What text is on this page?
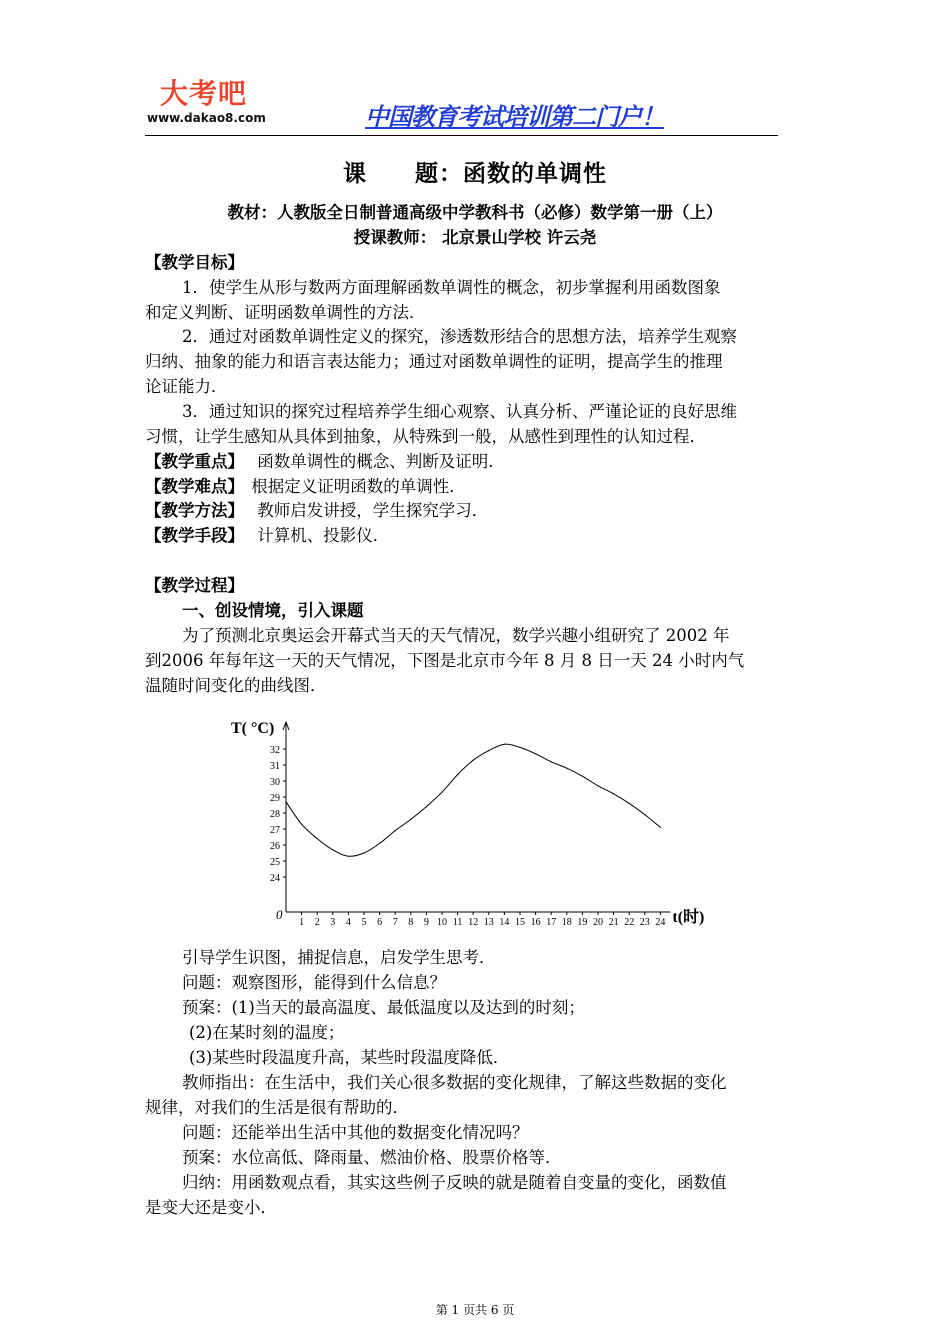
大考吧
www.dakao8.com	中国教育考试培训第二门户！
课　　题：函数的单调性
教材：人教版全日制普通高级中学教科书（必修）数学第一册（上）
授课教师： 北京景山学校 许云尧
【教学目标】
1．使学生从形与数两方面理解函数单调性的概念，初步掌握利用函数图象
和定义判断、证明函数单调性的方法．
2．通过对函数单调性定义的探究，渗透数形结合的思想方法，培养学生观察
归纳、抽象的能力和语言表达能力；通过对函数单调性的证明，提高学生的推理
论证能力．
3．通过知识的探究过程培养学生细心观察、认真分析、严谨论证的良好思维
习惯，让学生感知从具体到抽象，从特殊到一般，从感性到理性的认知过程．
【教学重点】 函数单调性的概念、判断及证明．
【教学难点】 根据定义证明函数的单调性．
【教学方法】 教师启发讲授，学生探究学习．
【教学手段】 计算机、投影仪．
【教学过程】
一、创设情境，引入课题
为了预测北京奥运会开幕式当天的天气情况，数学兴趣小组研究了 2002 年
到2006 年每年这一天的天气情况，下图是北京市今年 8 月 8 日一天 24 小时内气
温随时间变化的曲线图．
T( °C)
t(时)
0
24
25
26
27
28
29
30
31
32
1 2 3 4 5 6 7 8 9 10 11 12 13 14 15 16 17 18 19 20 21 22 23 24
引导学生识图，捕捉信息，启发学生思考．
问题：观察图形，能得到什么信息？
预案：(1)当天的最高温度、最低温度以及达到的时刻；
(2)在某时刻的温度；
(3)某些时段温度升高，某些时段温度降低．
教师指出：在生活中，我们关心很多数据的变化规律，了解这些数据的变化
规律，对我们的生活是很有帮助的．
问题：还能举出生活中其他的数据变化情况吗？
预案：水位高低、降雨量、燃油价格、股票价格等．
归纳：用函数观点看，其实这些例子反映的就是随着自变量的变化，函数值
是变大还是变小．
第 1 页共 6 页
